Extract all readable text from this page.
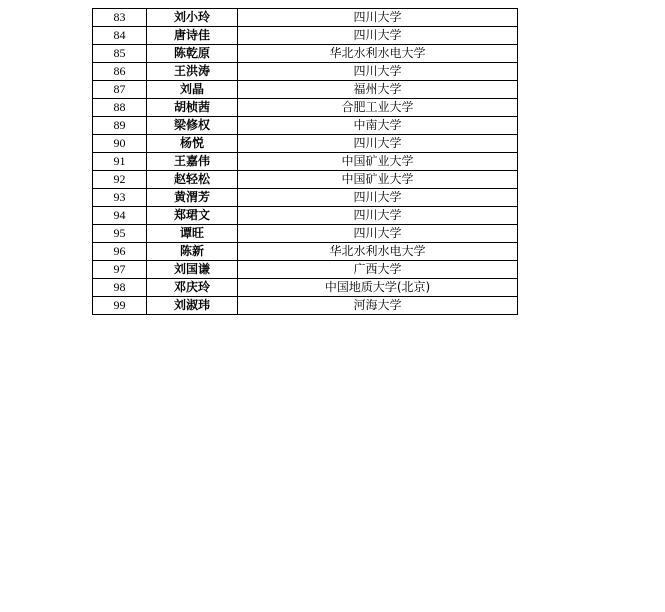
83	刘小玲	四川大学
84	唐诗佳	四川大学
85	陈乾原	华北水利水电大学
86	王洪涛	四川大学
87	刘晶	福州大学
88	胡桢茜	合肥工业大学
89	梁修权	中南大学
90	杨悦	四川大学
91	王嘉伟	中国矿业大学
92	赵轻松	中国矿业大学
93	黄渭芳	四川大学
94	郑珺文	四川大学
95	谭旺	四川大学
96	陈新	华北水利水电大学
97	刘国谦	广西大学
98	邓庆玲	中国地质大学(北京)
99	刘淑玮	河海大学
